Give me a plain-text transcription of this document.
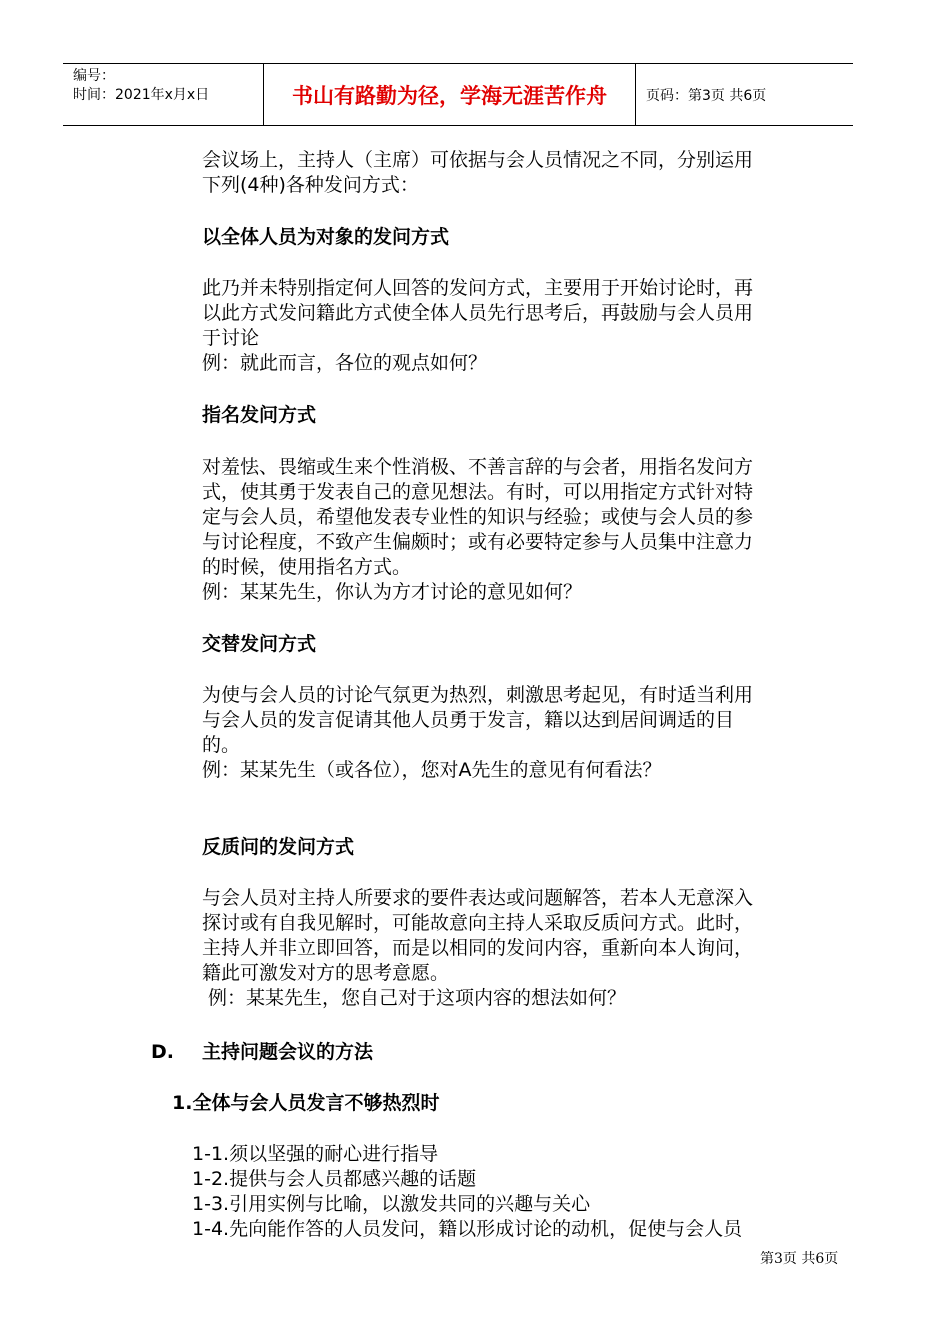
编号：
时间：2021年x月x日	书山有路勤为径，学海无涯苦作舟	页码：第3页 共6页

会议场上，主持人（主席）可依据与会人员情况之不同，分别运用

下列(4种)各种发问方式：

以全体人员为对象的发问方式

此乃并未特别指定何人回答的发问方式，主要用于开始讨论时，再

以此方式发问籍此方式使全体人员先行思考后，再鼓励与会人员用

于讨论

例：就此而言，各位的观点如何？

指名发问方式

对羞怯、畏缩或生来个性消极、不善言辞的与会者，用指名发问方

式，使其勇于发表自己的意见想法。有时，可以用指定方式针对特

定与会人员，希望他发表专业性的知识与经验；或使与会人员的参

与讨论程度，不致产生偏颇时；或有必要特定参与人员集中注意力

的时候，使用指名方式。

例：某某先生，你认为方才讨论的意见如何？

交替发问方式

为使与会人员的讨论气氛更为热烈，刺激思考起见，有时适当利用

与会人员的发言促请其他人员勇于发言，籍以达到居间调适的目

的。

例：某某先生（或各位），您对A先生的意见有何看法？

反质问的发问方式

与会人员对主持人所要求的要件表达或问题解答，若本人无意深入

探讨或有自我见解时，可能故意向主持人采取反质问方式。此时，

主持人并非立即回答，而是以相同的发问内容，重新向本人询问，

籍此可激发对方的思考意愿。

例：某某先生，您自己对于这项内容的想法如何？

D. 主持问题会议的方法

1.全体与会人员发言不够热烈时

1-1.须以坚强的耐心进行指导

1-2.提供与会人员都感兴趣的话题

1-3.引用实例与比喻，以激发共同的兴趣与关心

1-4.先向能作答的人员发问，籍以形成讨论的动机，促使与会人员

第3页 共6页
